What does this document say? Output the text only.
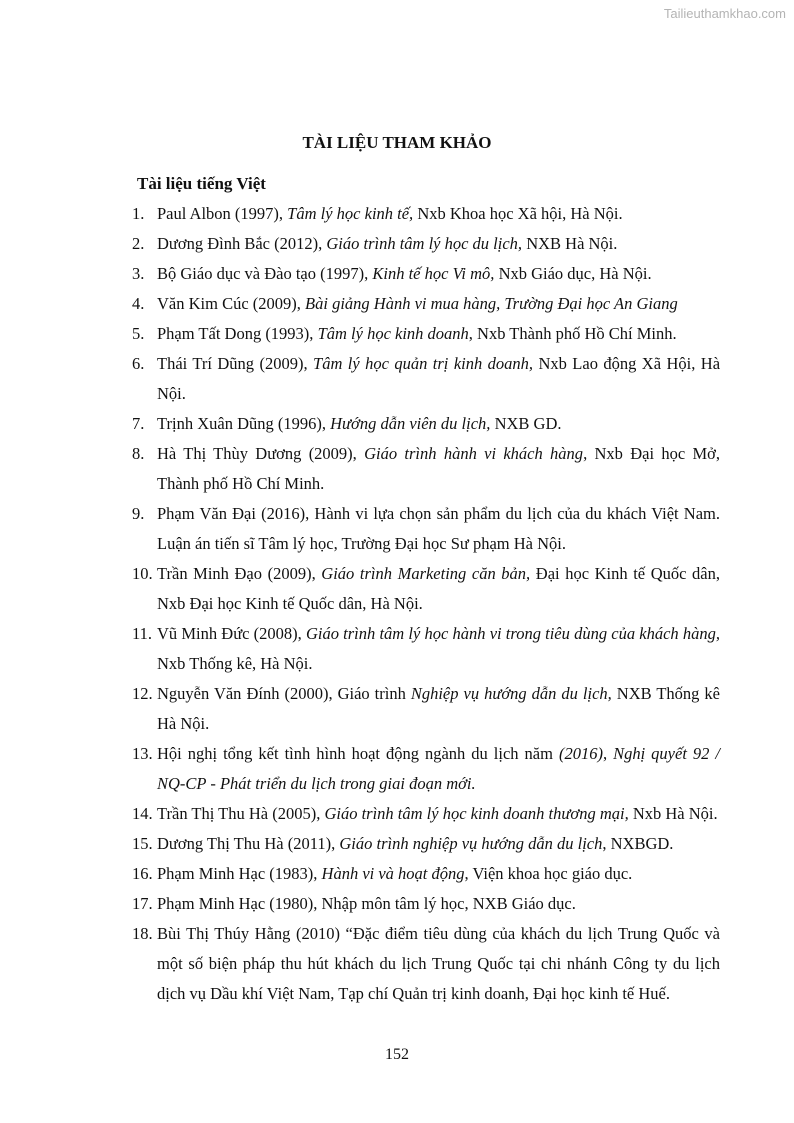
Tailieuthamkhao.com
TÀI LIỆU THAM KHẢO
Tài liệu tiếng Việt
1. Paul Albon (1997), Tâm lý học kinh tế, Nxb Khoa học Xã hội, Hà Nội.
2. Dương Đình Bắc (2012), Giáo trình tâm lý học du lịch, NXB Hà Nội.
3. Bộ Giáo dục và Đào tạo (1997), Kinh tế học Vi mô, Nxb Giáo dục, Hà Nội.
4. Văn Kim Cúc (2009), Bài giảng Hành vi mua hàng, Trường Đại học An Giang
5. Phạm Tất Dong (1993), Tâm lý học kinh doanh, Nxb Thành phố Hồ Chí Minh.
6. Thái Trí Dũng (2009), Tâm lý học quản trị kinh doanh, Nxb Lao động Xã Hội, Hà Nội.
7. Trịnh Xuân Dũng (1996), Hướng dẫn viên du lịch, NXB GD.
8. Hà Thị Thùy Dương (2009), Giáo trình hành vi khách hàng, Nxb Đại học Mở, Thành phố Hồ Chí Minh.
9. Phạm Văn Đại (2016), Hành vi lựa chọn sản phẩm du lịch của du khách Việt Nam. Luận án tiến sĩ Tâm lý học, Trường Đại học Sư phạm Hà Nội.
10. Trần Minh Đạo (2009), Giáo trình Marketing căn bản, Đại học Kinh tế Quốc dân, Nxb Đại học Kinh tế Quốc dân, Hà Nội.
11. Vũ Minh Đức (2008), Giáo trình tâm lý học hành vi trong tiêu dùng của khách hàng, Nxb Thống kê, Hà Nội.
12. Nguyễn Văn Đính (2000), Giáo trình Nghiệp vụ hướng dẫn du lịch, NXB Thống kê Hà Nội.
13. Hội nghị tổng kết tình hình hoạt động ngành du lịch năm (2016), Nghị quyết 92 / NQ-CP - Phát triển du lịch trong giai đoạn mới.
14. Trần Thị Thu Hà (2005), Giáo trình tâm lý học kinh doanh thương mại, Nxb Hà Nội.
15. Dương Thị Thu Hà (2011), Giáo trình nghiệp vụ hướng dẫn du lịch, NXBGD.
16. Phạm Minh Hạc (1983), Hành vi và hoạt động, Viện khoa học giáo dục.
17. Phạm Minh Hạc (1980), Nhập môn tâm lý học, NXB Giáo dục.
18. Bùi Thị Thúy Hằng (2010) “Đặc điểm tiêu dùng của khách du lịch Trung Quốc và một số biện pháp thu hút khách du lịch Trung Quốc tại chi nhánh Công ty du lịch dịch vụ Dầu khí Việt Nam, Tạp chí Quản trị kinh doanh, Đại học kinh tế Huế.
152
